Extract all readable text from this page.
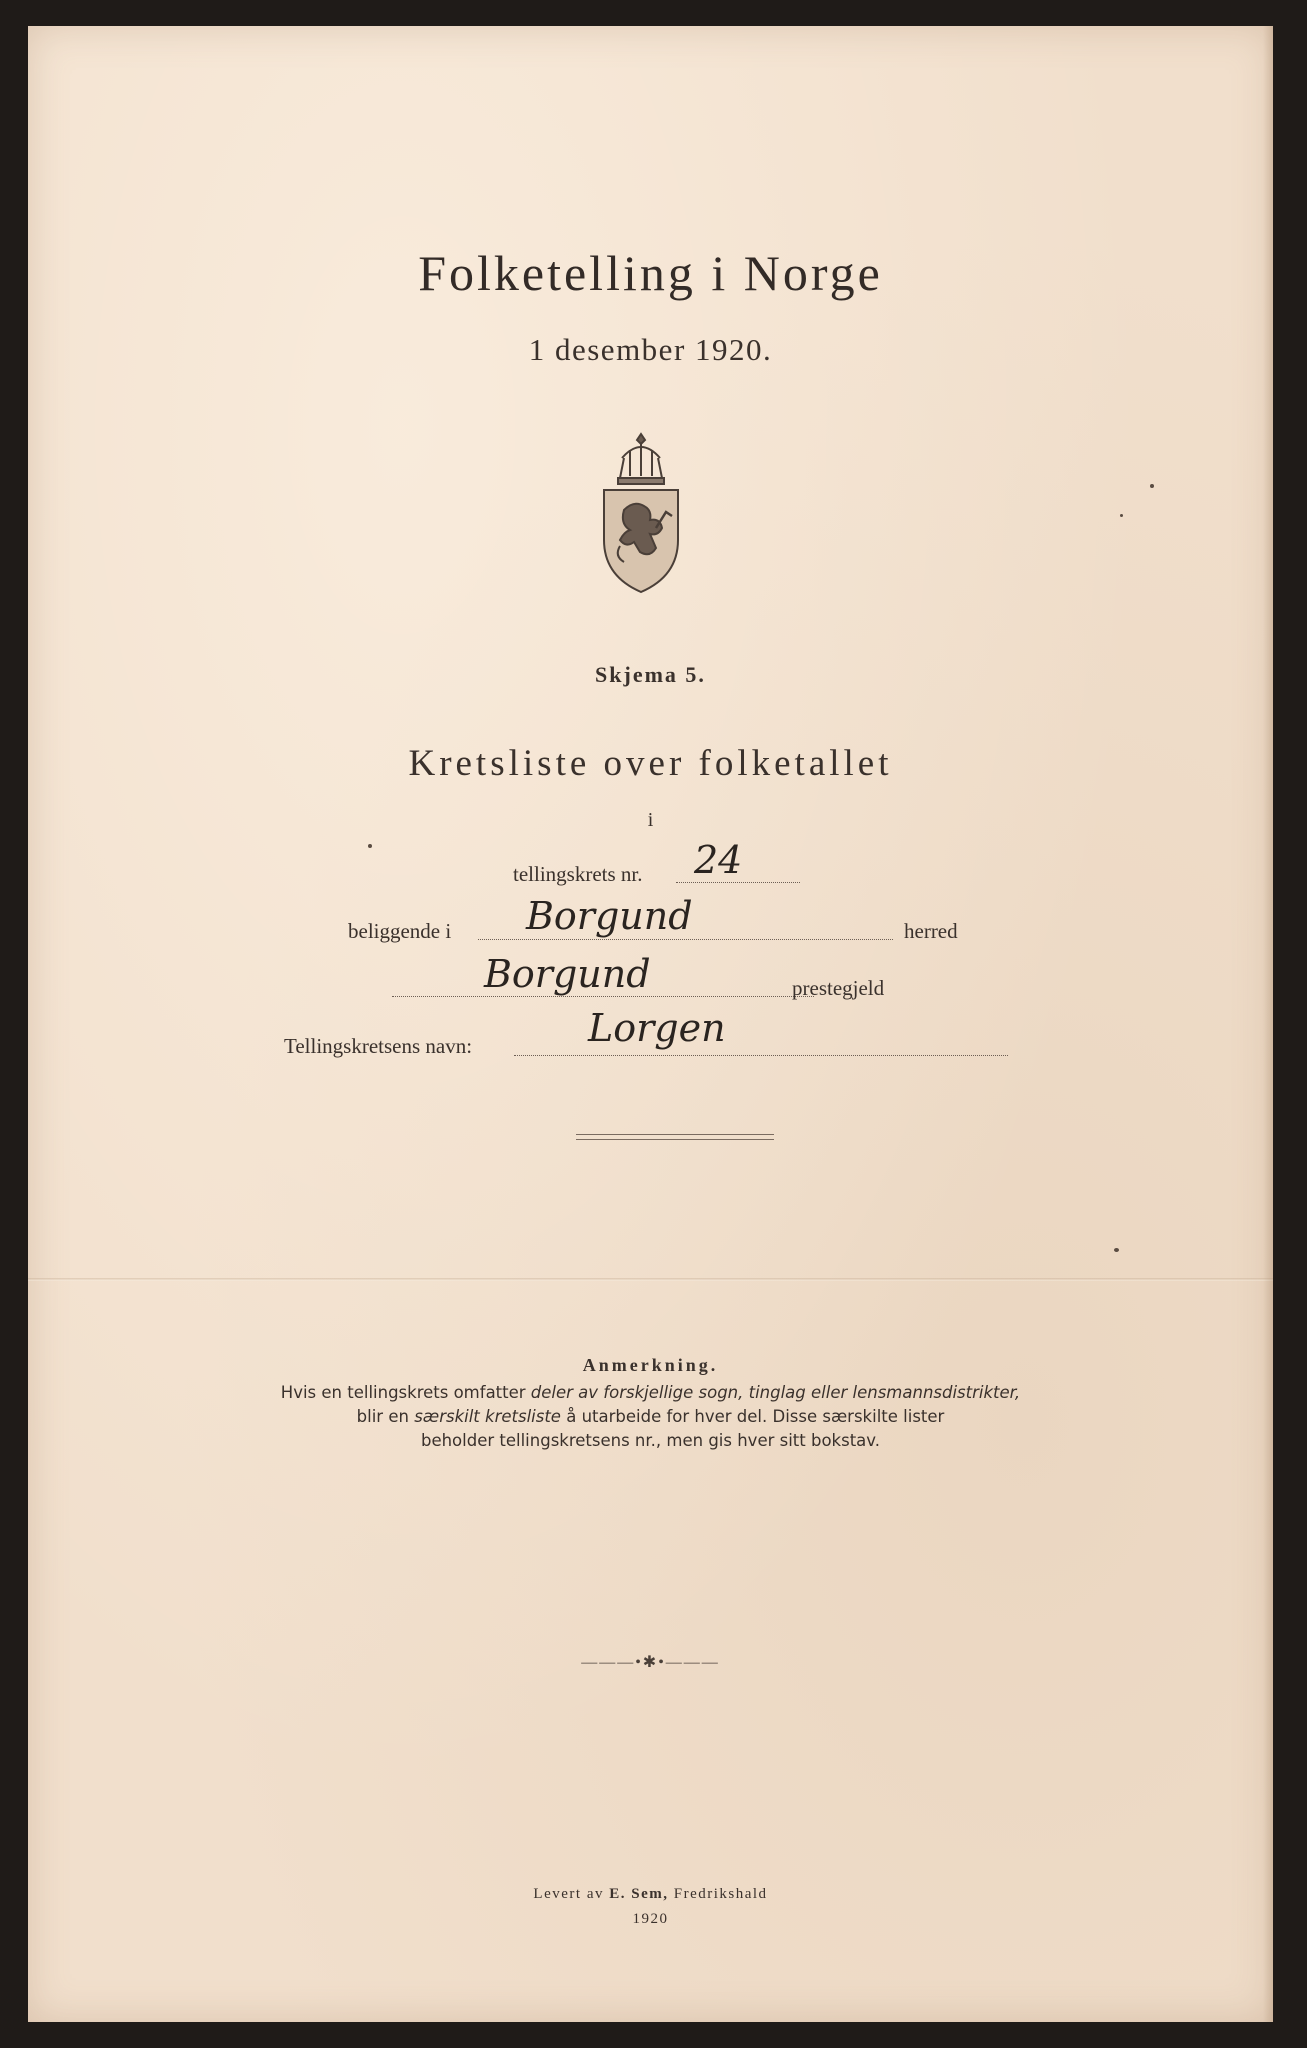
Folketelling i Norge
1 desember 1920.
Skjema 5.
Kretsliste over folketallet
i
tellingskrets nr. 24
beliggende i Borgund	herred
Borgund	prestegjeld
Tellingskretsens navn:	Lorgen
Anmerkning.
Hvis en tellingskrets omfatter deler av forskjellige sogn, tinglag eller lensmannsdistrikter,
blir en særskilt kretsliste å utarbeide for hver del. Disse særskilte lister
beholder tellingskretsens nr., men gis hver sitt bokstav.
———•✱•———
Levert av E. Sem, Fredrikshald
1920
